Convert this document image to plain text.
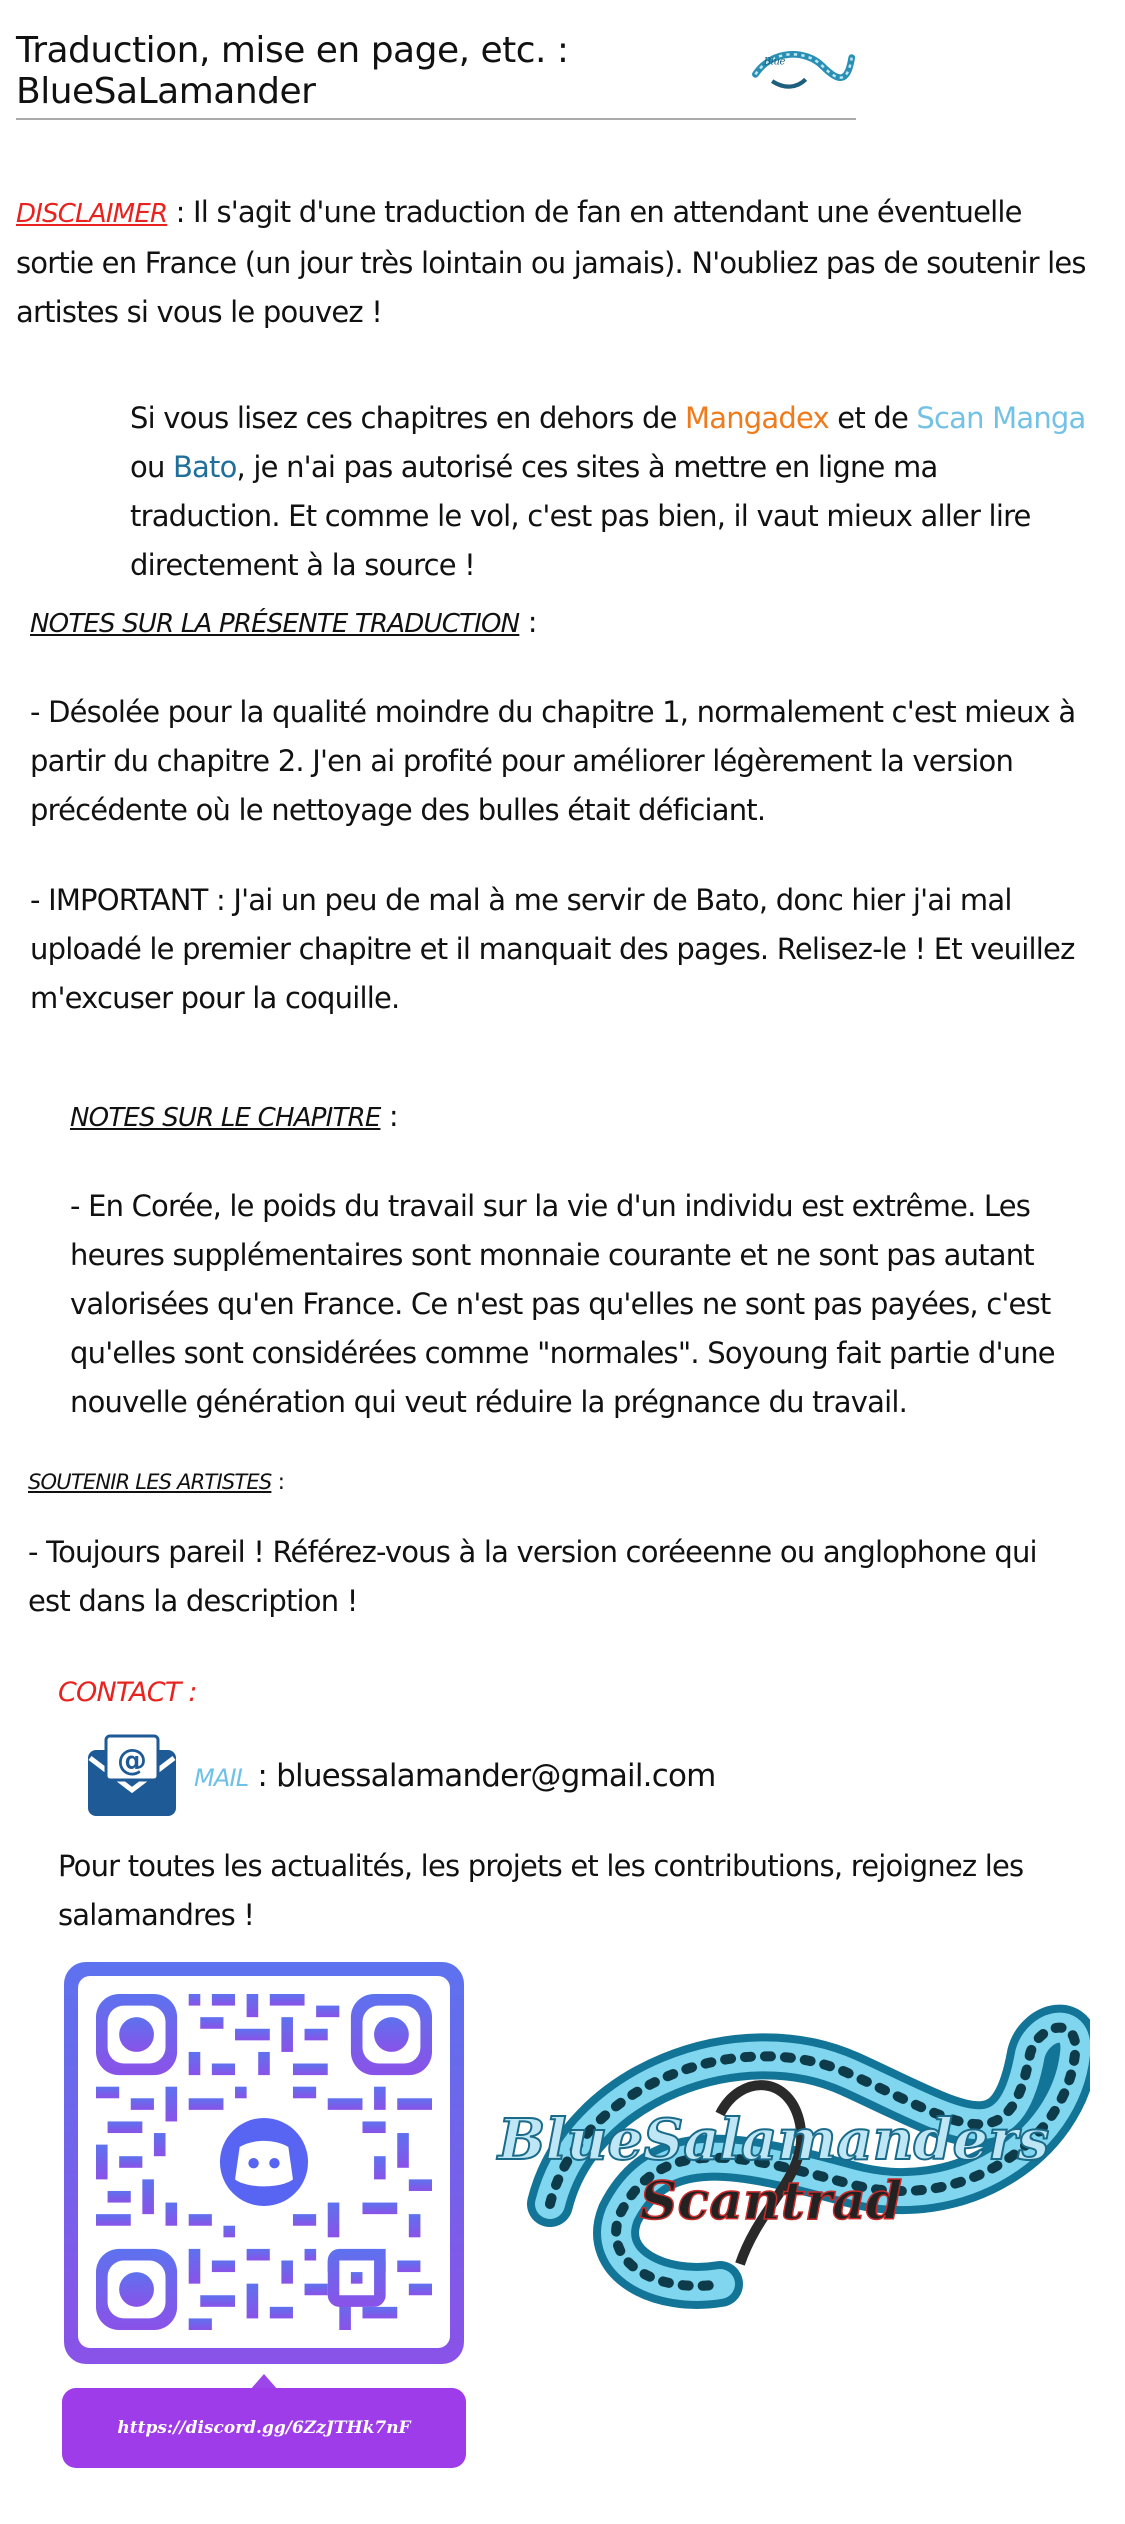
Traduction, mise en page, etc. : BlueSaLamander
Blue
DISCLAIMER : Il s'agit d'une traduction de fan en attendant une éventuelle sortie en France (un jour très lointain ou jamais). N'oubliez pas de soutenir les artistes si vous le pouvez !
Si vous lisez ces chapitres en dehors de Mangadex et de Scan Manga ou Bato, je n'ai pas autorisé ces sites à mettre en ligne ma traduction. Et comme le vol, c'est pas bien, il vaut mieux aller lire directement à la source !
NOTES SUR LA PRÉSENTE TRADUCTION :
- Désolée pour la qualité moindre du chapitre 1, normalement c'est mieux à partir du chapitre 2. J'en ai profité pour améliorer légèrement la version précédente où le nettoyage des bulles était déficiant.
- IMPORTANT : J'ai un peu de mal à me servir de Bato, donc hier j'ai mal uploadé le premier chapitre et il manquait des pages. Relisez-le ! Et veuillez m'excuser pour la coquille.
NOTES SUR LE CHAPITRE :
- En Corée, le poids du travail sur la vie d'un individu est extrême. Les heures supplémentaires sont monnaie courante et ne sont pas autant valorisées qu'en France. Ce n'est pas qu'elles ne sont pas payées, c'est qu'elles sont considérées comme "normales". Soyoung fait partie d'une nouvelle génération qui veut réduire la prégnance du travail.
SOUTENIR LES ARTISTES :
- Toujours pareil ! Référez-vous à la version coréeenne ou anglophone qui est dans la description !
CONTACT :
@ MAIL : bluessalamander@gmail.com
Pour toutes les actualités, les projets et les contributions, rejoignez les salamandres !
https://discord.gg/6ZzJTHk7nF
BlueSalamanders
Scantrad
